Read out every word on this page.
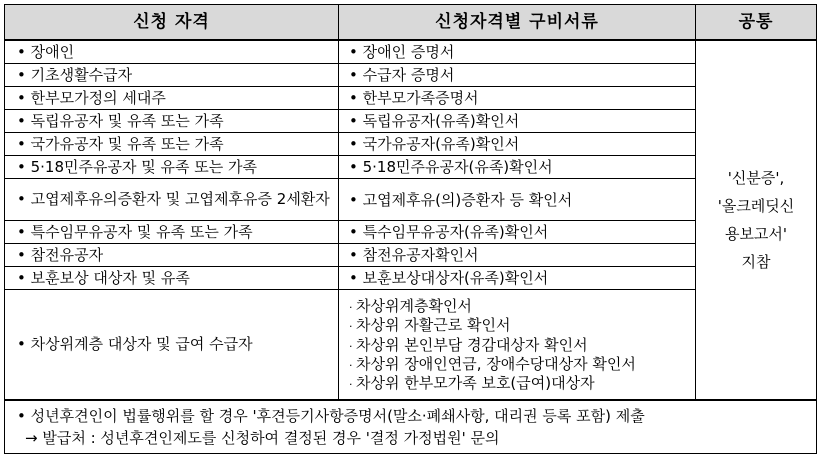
신청 자격	신청자격별 구비서류	공통
• 장애인	• 장애인 증명서	'신분증',
'올크레딧신
용보고서'
지참

• 기초생활수급자	• 수급자 증명서
• 한부모가정의 세대주	• 한부모가족증명서
• 독립유공자 및 유족 또는 가족	• 독립유공자(유족)확인서
• 국가유공자 및 유족 또는 가족	• 국가유공자(유족)확인서
• 5·18민주유공자 및 유족 또는 가족	• 5·18민주유공자(유족)확인서
• 고엽제후유의증환자 및 고엽제후유증 2세환자	• 고엽제후유(의)증환자 등 확인서
• 특수임무유공자 및 유족 또는 가족	• 특수임무유공자(유족)확인서
• 참전유공자	• 참전유공자확인서
• 보훈보상 대상자 및 유족	• 보훈보상대상자(유족)확인서
• 차상위계층 대상자 및 급여 수급자	. 차상위계층확인서
. 차상위 자활근로 확인서
. 차상위 본인부담 경감대상자 확인서
. 차상위 장애인연금, 장애수당대상자 확인서
. 차상위 한부모가족 보호(급여)대상자

• 성년후견인이 법률행위를 할 경우 '후견등기사항증명서(말소·폐쇄사항, 대리권 등록 포함) 제출
→ 발급처 : 성년후견인제도를 신청하여 결정된 경우 '결정 가정법원' 문의		
